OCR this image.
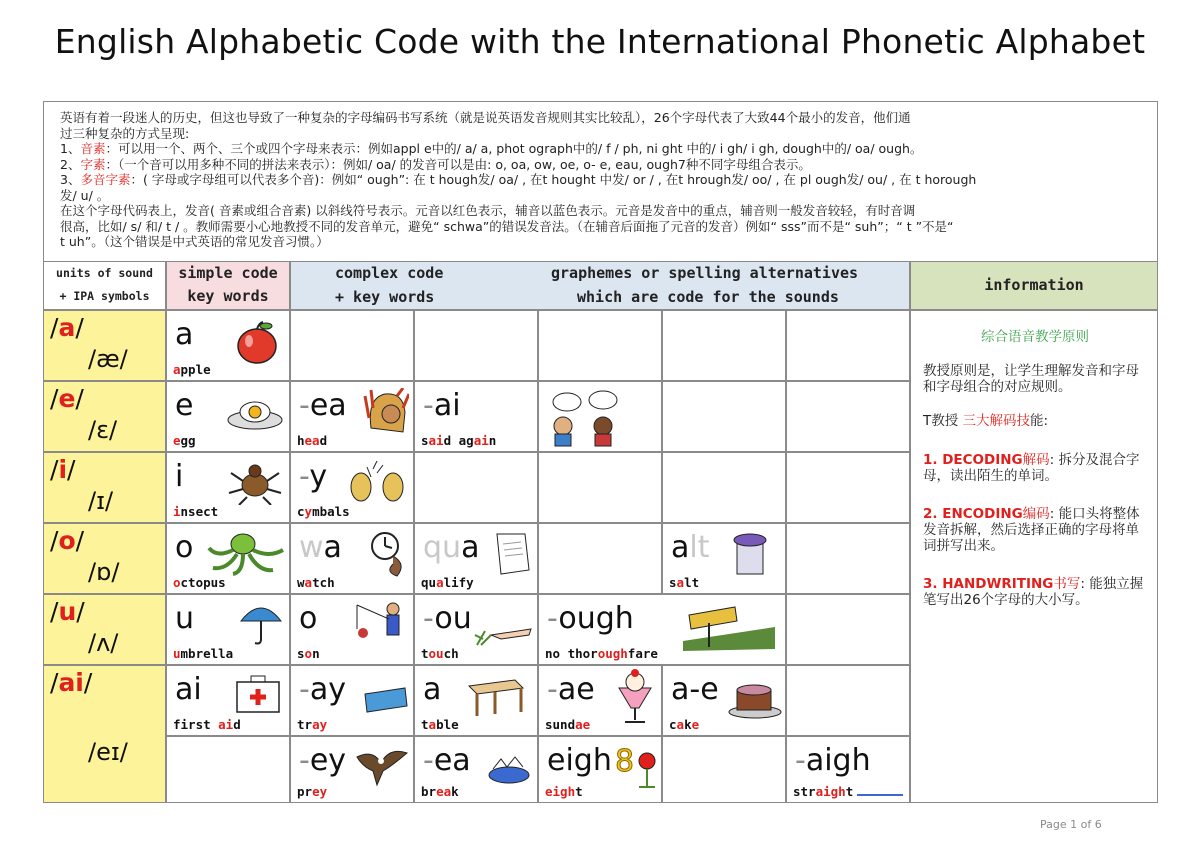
English Alphabetic Code with the International Phonetic Alphabet
英语有着一段迷人的历史，但这也导致了一种复杂的字母编码书写系统（就是说英语发音规则其实比较乱），26个字母代表了大致44个最小的发音，他们通
过三种复杂的方式呈现:
1、音素：可以用一个、两个、三个或四个字母来表示：例如appl e中的/ a/ a, phot ograph中的/ f / ph, ni ght 中的/ i gh/ i gh, dough中的/ oa/ ough。
2、字素：（一个音可以用多种不同的拼法来表示）：例如/ oa/ 的发音可以是由: o, oa, ow, oe, o- e, eau, ough7种不同字母组合表示。
3、多音字素：( 字母或字母组可以代表多个音)：例如“ ough”: 在 t hough发/ oa/ , 在t hought 中发/ or / , 在t hrough发/ oo/ , 在 pl ough发/ ou/ , 在 t horough
发/ u/ 。
在这个字母代码表上，发音( 音素或组合音素) 以斜线符号表示。元音以红色表示，辅音以蓝色表示。元音是发音中的重点，辅音则一般发音较轻，有时音调
很高，比如/ s/ 和/ t / 。教师需要小心地教授不同的发音单元，避免“ schwa”的错误发音法。（在辅音后面拖了元音的发音）例如“ sss”而不是“ suh”；“ t ”不是“
t uh”。（这个错误是中式英语的常见发音习惯。）
units of sound
+ IPA symbols
simple code
key words
complex code
+ key words
graphemes or spelling alternatives
which are code for the sounds
information
/a/
/æ/
a
apple
/e/
/ɛ/
e
egg
-ea
head
-ai
said again
/i/
/ɪ/
i
insect
-y
cymbals
/o/
/ɒ/
o
octopus
wa
watch
qua
qualify
alt
salt
/u/
/ʌ/
u
umbrella
o
son
-ou
touch
-ough
no thoroughfare
/ai/
/eɪ/
ai
first aid
-ay
tray
a
table
-ae
sundae
a-e
cake
-ey
prey
-ea
break
eigh 8
eight
-aigh
straight
综合语音教学原则
教授原则是，让学生理解发音和字母和字母组合的对应规则。
T教授 三大解码技能:
1. DECODING解码: 拆分及混合字母，读出陌生的单词。
2. ENCODING编码: 能口头将整体发音拆解，然后选择正确的字母将单词拼写出来。
3. HANDWRITING书写: 能独立握笔写出26个字母的大小写。
Page 1 of 6
